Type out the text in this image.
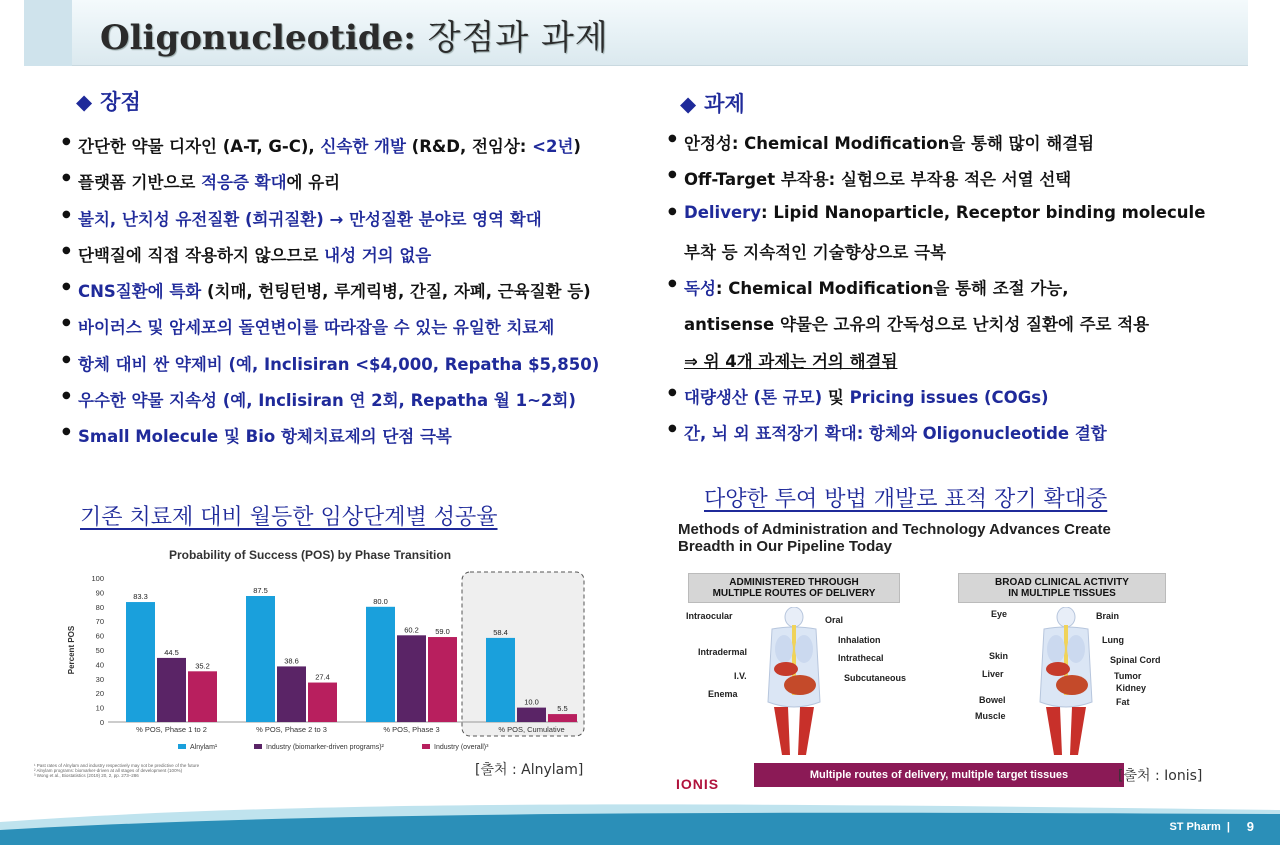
Oligonucleotide: 장점과 과제
◆ 장점	◆ 과제
● 간단한 약물 디자인 (A-T, G-C), 신속한 개발 (R&D, 전임상: <2년)
● 플랫폼 기반으로 적응증 확대에 유리
● 불치, 난치성 유전질환 (희귀질환) → 만성질환 분야로 영역 확대
● 단백질에 직접 작용하지 않으므로 내성 거의 없음
● CNS질환에 특화 (치매, 헌팅턴병, 루게릭병, 간질, 자폐, 근육질환 등)
● 바이러스 및 암세포의 돌연변이를 따라잡을 수 있는 유일한 치료제
● 항체 대비 싼 약제비 (예, Inclisiran <$4,000, Repatha $5,850)
● 우수한 약물 지속성 (예, Inclisiran 연 2회, Repatha 월 1~2회)
● Small Molecule 및 Bio 항체치료제의 단점 극복
● 안정성: Chemical Modification을 통해 많이 해결됨
● Off-Target 부작용: 실험으로 부작용 적은 서열 선택
● Delivery: Lipid Nanoparticle, Receptor binding molecule
부착 등 지속적인 기술향상으로 극복
● 독성: Chemical Modification을 통해 조절 가능,
antisense 약물은 고유의 간독성으로 난치성 질환에 주로 적용
⇒ 위 4개 과제는 거의 해결됨
● 대량생산 (톤 규모) 및 Pricing issues (COGs)
● 간, 뇌 외 표적장기 확대: 항체와 Oligonucleotide 결합
기존 치료제 대비 월등한 임상단계별 성공율
다양한 투여 방법 개발로 표적 장기 확대중
Probability of Success (POS) by Phase Transition
0
10
20
30
40
50
60
70
80
90
100
Percent POS
83.3
44.5
35.2
% POS, Phase 1 to 2
87.5
38.6
27.4
% POS, Phase 2 to 3
80.0
60.2 59.0
% POS, Phase 3
58.4
10.0
5.5
% POS, Cumulative
Alnylam¹	Industry (biomarker-driven programs)²	Industry (overall)³
¹ Past rates of Alnylam and industry respectively may not be predictive of the future
² Alnylam programs: biomarker-driven at all stages of development (100%)
³ Wong et al., Biostatistics (2019) 20, 2, pp. 273–286	[출처 : Alnylam]
Methods of Administration and Technology Advances Create
Breadth in Our Pipeline Today
ADMINISTERED THROUGH
MULTIPLE ROUTES OF DELIVERY
BROAD CLINICAL ACTIVITY
IN MULTIPLE TISSUES
Intraocular	Oral
Intradermal
Inhalation
Intrathecal
I.V.	Subcutaneous
Enema
Eye	Brain
Lung
Skin	Spinal Cord
Liver	Tumor
Kidney
Bowel	Fat
Muscle
Multiple routes of delivery, multiple target tissues
IONIS	[출처 : Ionis]
ST Pharm  | 9
